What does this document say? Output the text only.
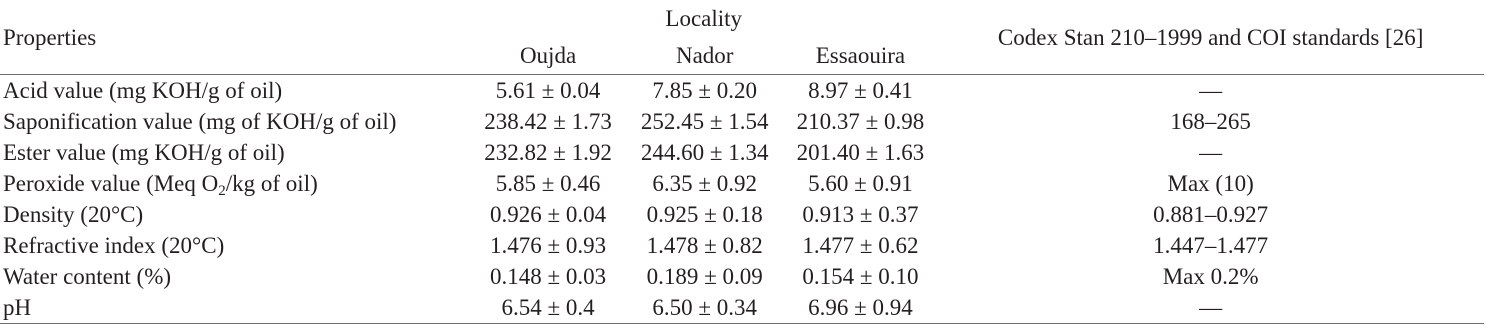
Properties	Locality			Codex Stan 210–1999 and COI standards [26]
	Oujda	Nador	Essaouira	
Acid value (mg KOH/g of oil)	5.61 ± 0.04	7.85 ± 0.20	8.97 ± 0.41	—
Saponification value (mg of KOH/g of oil)	238.42 ± 1.73	252.45 ± 1.54	210.37 ± 0.98	168–265
Ester value (mg KOH/g of oil)	232.82 ± 1.92	244.60 ± 1.34	201.40 ± 1.63	—
Peroxide value (Meq $O_2/kg$ of oil)	5.85 ± 0.46	6.35 ± 0.92	5.60 ± 0.91	Max (10)
Density (20°C)	0.926 ± 0.04	0.925 ± 0.18	0.913 ± 0.37	0.881–0.927
Refractive index (20°C)	1.476 ± 0.93	1.478 ± 0.82	1.477 ± 0.62	1.447–1.477
Water content (%)	0.148 ± 0.03	0.189 ± 0.09	0.154 ± 0.10	Max 0.2%
pH	6.54 ± 0.4	6.50 ± 0.34	6.96 ± 0.94	—
